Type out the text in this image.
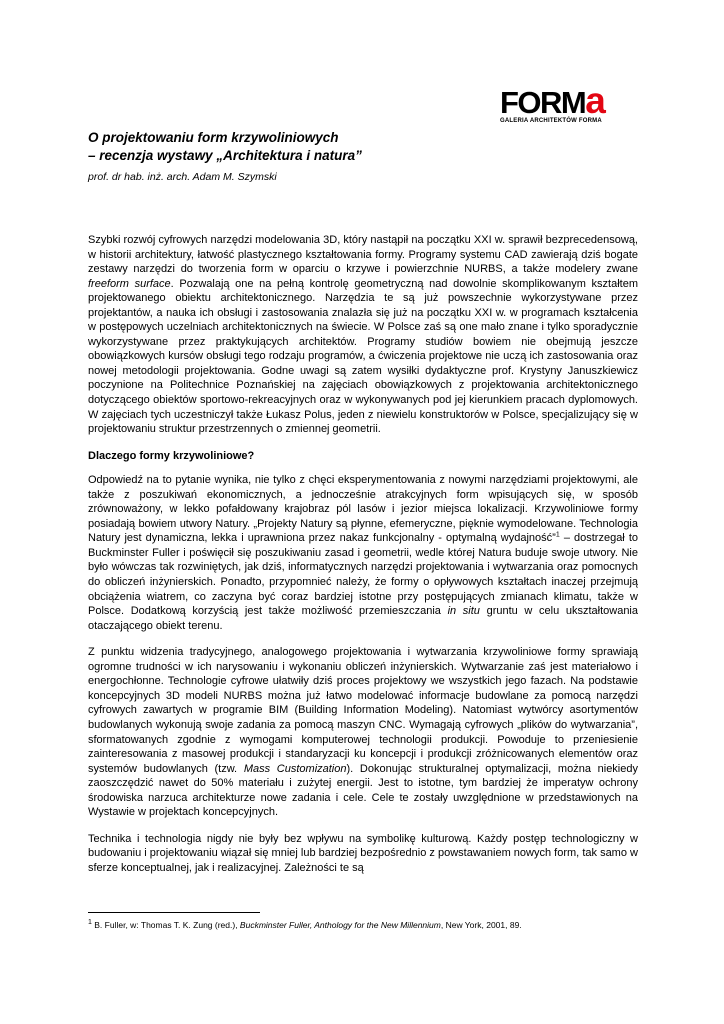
FORMa
GALERIA ARCHITEKTÓW FORMA
O projektowaniu form krzywoliniowych
– recenzja wystawy „Architektura i natura”
prof. dr hab. inż. arch. Adam M. Szymski

Szybki rozwój cyfrowych narzędzi modelowania 3D, który nastąpił na początku XXI w. sprawił bezprecedensową, w historii architektury, łatwość plastycznego kształtowania formy. Programy systemu CAD zawierają dziś bogate zestawy narzędzi do tworzenia form w oparciu o krzywe i powierzchnie NURBS, a także modelery zwane freeform surface. Pozwalają one na pełną kontrolę geometryczną nad dowolnie skomplikowanym kształtem projektowanego obiektu architektonicznego. Narzędzia te są już powszechnie wykorzystywane przez projektantów, a nauka ich obsługi i zastosowania znalazła się już na początku XXI w. w programach kształcenia w postępowych uczelniach architektonicznych na świecie. W Polsce zaś są one mało znane i tylko sporadycznie wykorzystywane przez praktykujących architektów. Programy studiów bowiem nie obejmują jeszcze obowiązkowych kursów obsługi tego rodzaju programów, a ćwiczenia projektowe nie uczą ich zastosowania oraz nowej metodologii projektowania. Godne uwagi są zatem wysiłki dydaktyczne prof. Krystyny Januszkiewicz poczynione na Politechnice Poznańskiej na zajęciach obowiązkowych z projektowania architektonicznego dotyczącego obiektów sportowo-rekreacyjnych oraz w wykonywanych pod jej kierunkiem pracach dyplomowych. W zajęciach tych uczestniczył także Łukasz Polus, jeden z niewielu konstruktorów w Polsce, specjalizujący się w projektowaniu struktur przestrzennych o zmiennej geometrii.

Dlaczego formy krzywoliniowe?

Odpowiedź na to pytanie wynika, nie tylko z chęci eksperymentowania z nowymi narzędziami projektowymi, ale także z poszukiwań ekonomicznych, a jednocześnie atrakcyjnych form wpisujących się, w sposób zrównoważony, w lekko pofałdowany krajobraz pól lasów i jezior miejsca lokalizacji. Krzywoliniowe formy posiadają bowiem utwory Natury. „Projekty Natury są płynne, efemeryczne, pięknie wymodelowane. Technologia Natury jest dynamiczna, lekka i uprawniona przez nakaz funkcjonalny - optymalną wydajność”$^1$ – dostrzegał to Buckminster Fuller i poświęcił się poszukiwaniu zasad i geometrii, wedle której Natura buduje swoje utwory. Nie było wówczas tak rozwiniętych, jak dziś, informatycznych narzędzi projektowania i wytwarzania oraz pomocnych do obliczeń inżynierskich. Ponadto, przypomnieć należy, że formy o opływowych kształtach inaczej przejmują obciążenia wiatrem, co zaczyna być coraz bardziej istotne przy postępujących zmianach klimatu, także w Polsce. Dodatkową korzyścią jest także możliwość przemieszczania in situ gruntu w celu ukształtowania otaczającego obiekt terenu.

Z punktu widzenia tradycyjnego, analogowego projektowania i wytwarzania krzywoliniowe formy sprawiają ogromne trudności w ich narysowaniu i wykonaniu obliczeń inżynierskich. Wytwarzanie zaś jest materiałowo i energochłonne. Technologie cyfrowe ułatwiły dziś proces projektowy we wszystkich jego fazach. Na podstawie koncepcyjnych 3D modeli NURBS można już łatwo modelować informacje budowlane za pomocą narzędzi cyfrowych zawartych w programie BIM (Building Information Modeling). Natomiast wytwórcy asortymentów budowlanych wykonują swoje zadania za pomocą maszyn CNC. Wymagają cyfrowych „plików do wytwarzania”, sformatowanych zgodnie z wymogami komputerowej technologii produkcji. Powoduje to przeniesienie zainteresowania z masowej produkcji i standaryzacji ku koncepcji i produkcji zróżnicowanych elementów oraz systemów budowlanych (tzw. Mass Customization). Dokonując strukturalnej optymalizacji, można niekiedy zaoszczędzić nawet do 50% materiału i zużytej energii. Jest to istotne, tym bardziej że imperatyw ochrony środowiska narzuca architekturze nowe zadania i cele. Cele te zostały uwzględnione w przedstawionych na Wystawie w projektach koncepcyjnych.

Technika i technologia nigdy nie były bez wpływu na symbolikę kulturową. Każdy postęp technologiczny w budowaniu i projektowaniu wiązał się mniej lub bardziej bezpośrednio z powstawaniem nowych form, tak samo w sferze konceptualnej, jak i realizacyjnej. Zależności te są

$^1$ B. Fuller, w: Thomas T. K. Zung (red.), Buckminster Fuller, Anthology for the New Millennium, New York, 2001, 89.
